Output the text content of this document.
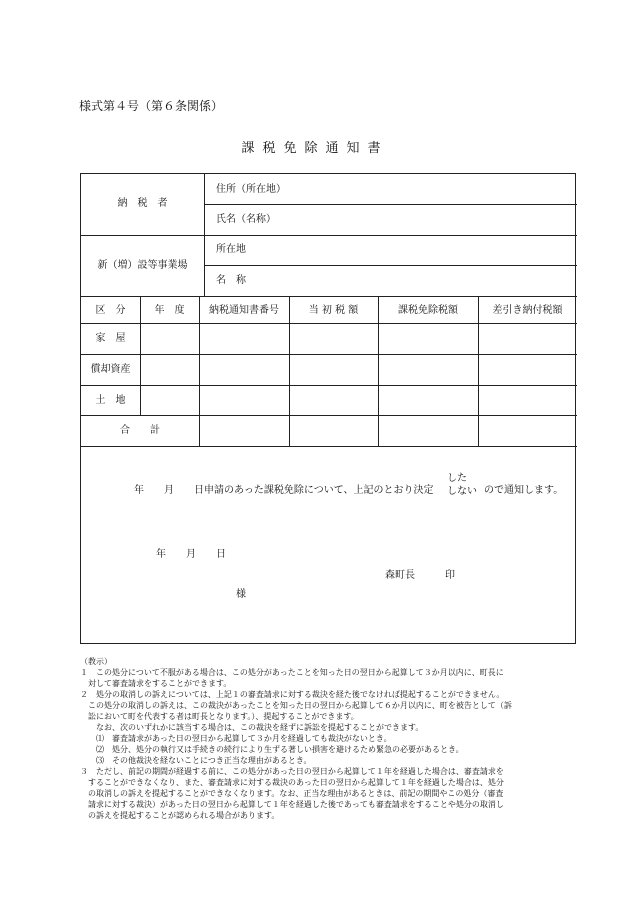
様式第４号（第６条関係）
課税免除通知書
納　税　者
住所（所在地）
氏名（名称）
新（増）設等事業場
所在地
名　称
区　分	年　度	納税通知書番号	当 初 税 額	課税免除税額	差引き納付税額
家　屋
償却資産
土　地
合　　計
年 月 日申請のあった課税免除について、上記のとおり決定
した
しない ので通知します。
年 月 日
森町長	印
様
（教示）
１　この処分について不服がある場合は、この処分があったことを知った日の翌日から起算して３か月以内に、町長に
　対して審査請求をすることができます。
２　処分の取消しの訴えについては、上記１の審査請求に対する裁決を経た後でなければ提起することができません。
　この処分の取消しの訴えは、この裁決があったことを知った日の翌日から起算して６か月以内に、町を被告として（訴
　訟において町を代表する者は町長となります。）、提起することができます。
　　なお、次のいずれかに該当する場合は、この裁決を経ずに訴訟を提起することができます。
　　⑴　審査請求があった日の翌日から起算して３か月を経過しても裁決がないとき。
　　⑵　処分、処分の執行又は手続きの続行により生ずる著しい損害を避けるため緊急の必要があるとき。
　　⑶　その他裁決を経ないことにつき正当な理由があるとき。
３　ただし、前記の期間が経過する前に、この処分があった日の翌日から起算して１年を経過した場合は、審査請求を
　することができなくなり、また、審査請求に対する裁決のあった日の翌日から起算して１年を経過した場合は、処分
　の取消しの訴えを提起することができなくなります。なお、正当な理由があるときは、前記の期間やこの処分（審査
　請求に対する裁決）があった日の翌日から起算して１年を経過した後であっても審査請求をすることや処分の取消し
　の訴えを提起することが認められる場合があります。
